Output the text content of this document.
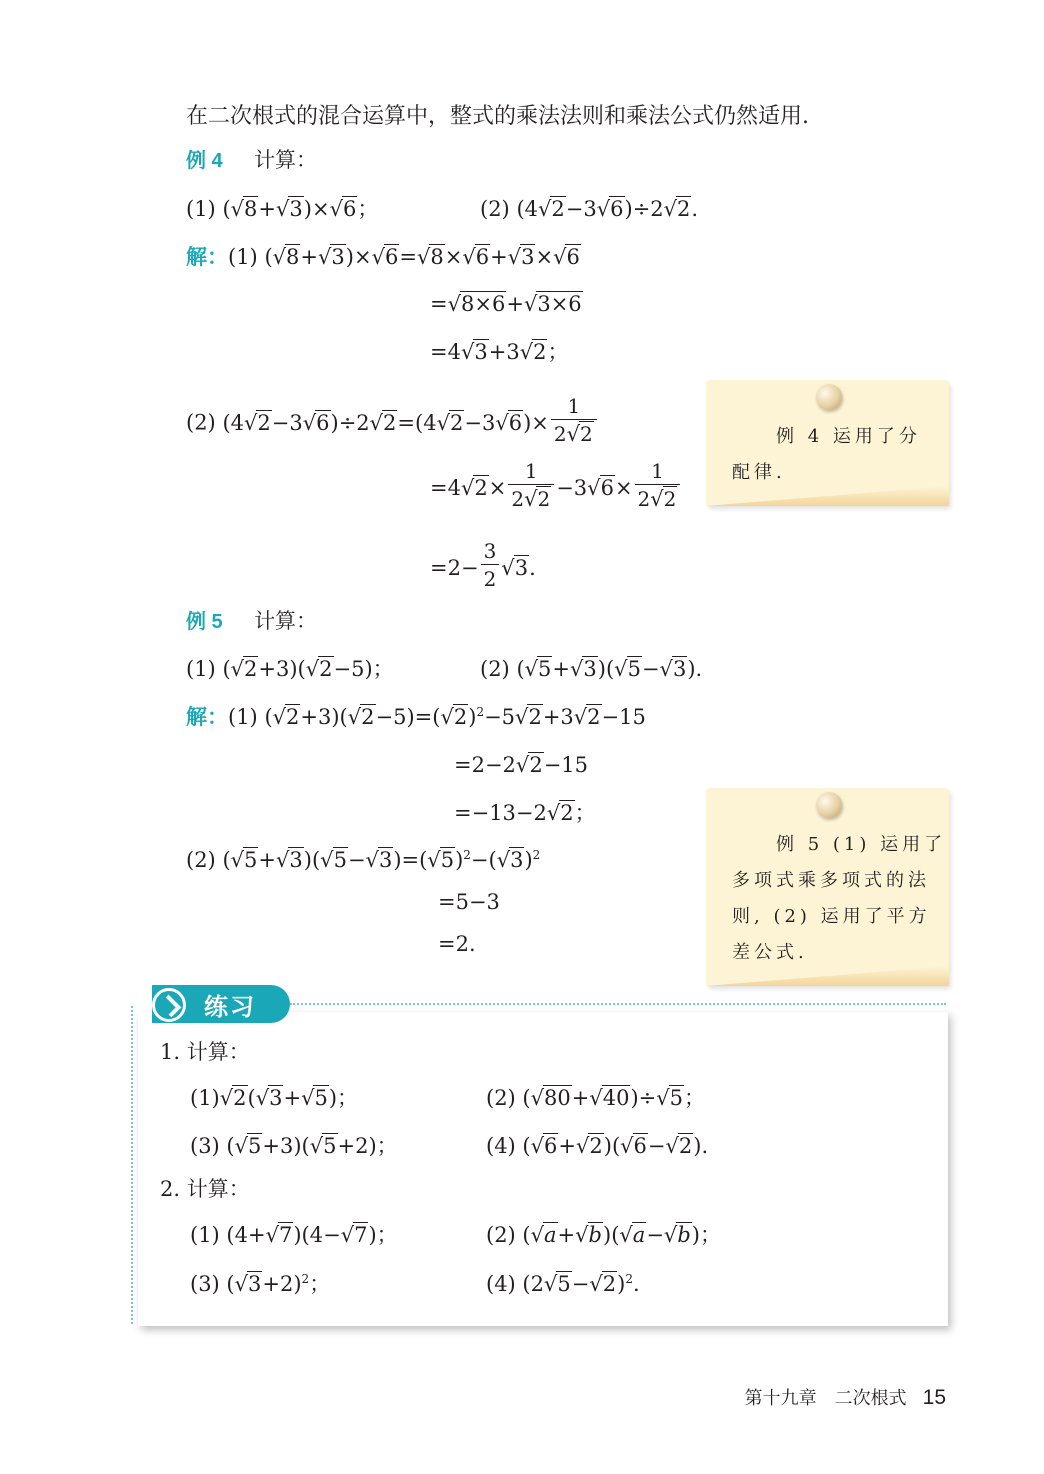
在二次根式的混合运算中，整式的乘法法则和乘法公式仍然适用.
例 4 计算：
(1) ( √ 8 + √ 3 )× √ 6 ；	(2) (4 √ 2 −3 √ 6 )÷2 √ 2 .
解：(1) ( √ 8 + √ 3 )× √ 6 = √ 8 × √ 6 + √ 3 × √ 6
= √ 8×6 + √ 3×6
=4 √ 3 +3 √ 2 ；
(2) (4 √ 2 −3 √ 6 )÷2 √ 2 =(4 √ 2 −3 √ 6 )× $\frac{1}{2 √ 2}$
=4 √ $2 \times \frac{1}{2 √ 2} -3$ √ $6 \times \frac{1}{2 √ 2}$
$=2- \frac{3}{2}$ √ 3 .
例 4 运用了分
配律.
例 5 计算：
(1) ( √ 2 +3)( √ 2 −5)；	(2) ( √ 5 + √ 3 )( √ 5 − √ 3 ).
解：(1) ( √ 2 +3)( √ 2 −5)=( √ 2 )$^2$ −5 √ 2 +3 √ 2 −15
=2−2 √ 2 −15
=−13−2 √ 2 ；
(2) ( √ 5 + √ 3 )( √ 5 − √ 3 )=( √ 5 )$^2$ −( √ 3 )$^2$
=5−3
=2.
例 5 (1) 运用了
多项式乘多项式的法
则, (2) 运用了平方
差公式.
练习
1. 计算：
(1) √ 2 ( √ 3 + √ 5 )；	(2) ( √ 80 + √ 40 )÷ √ 5 ；
(3) ( √ 5 +3)( √ 5 +2)；	(4) ( √ 6 + √ 2 )( √ 6 − √ 2 ).
2. 计算：
(1) (4+ √ 7 )(4− √ 7 )；	(2) ( √ a + √ b )( √ a − √ b )；
(3) ( √ 3 +2)$^2$ ；	(4) (2 √ 5 − √ 2 )$^2$ .
第十九章　二次根式 15
